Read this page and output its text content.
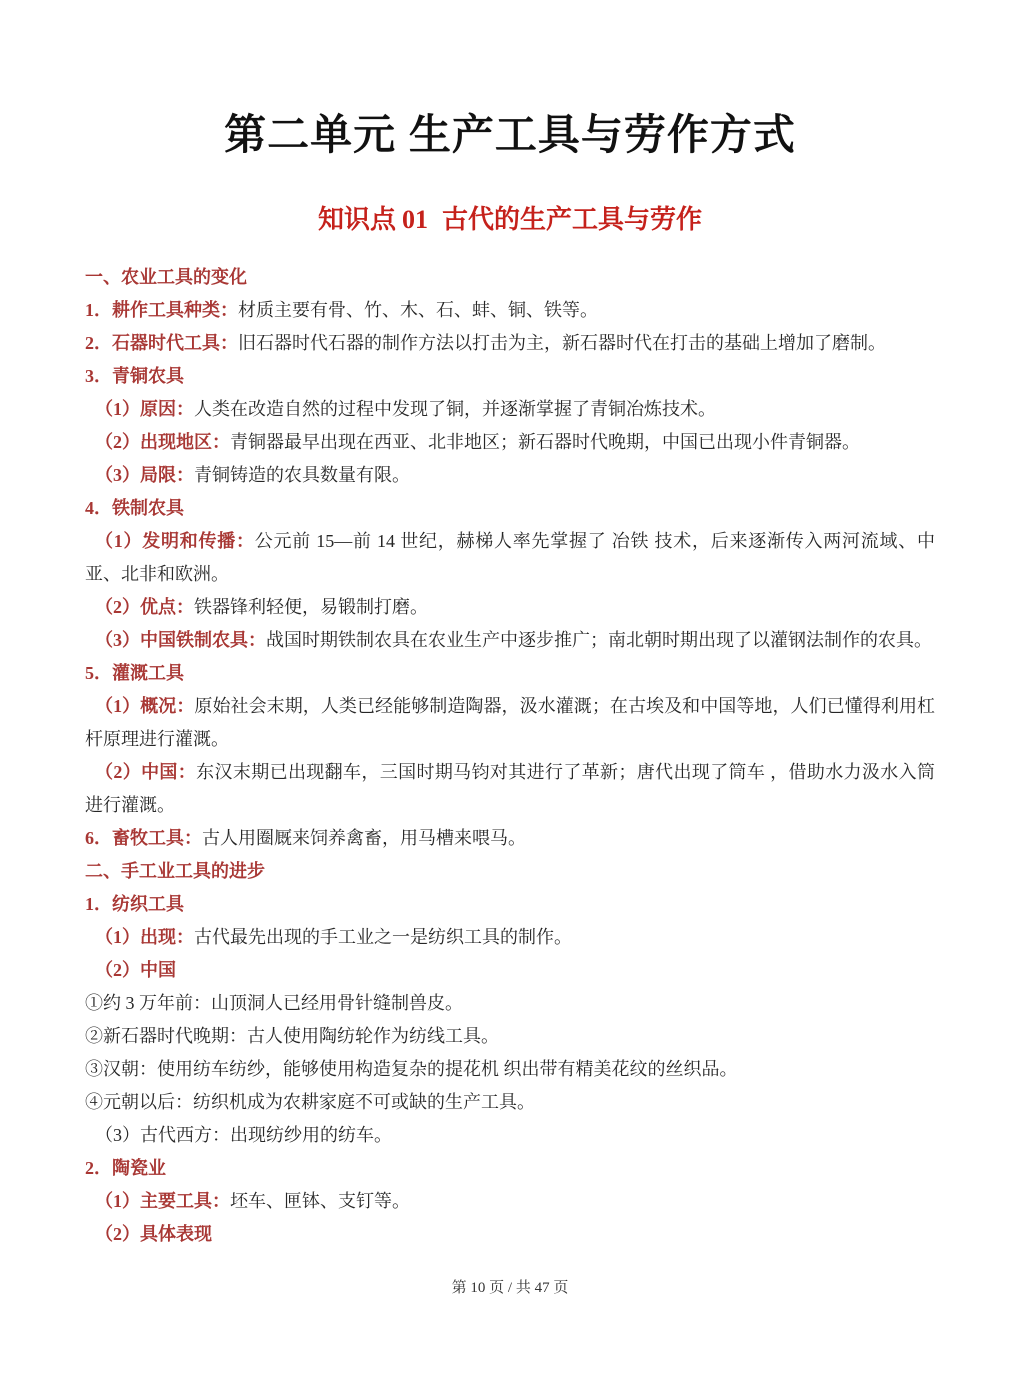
第二单元 生产工具与劳作方式
知识点 01 古代的生产工具与劳作

一、农业工具的变化

1．耕作工具种类：材质主要有骨、竹、木、石、蚌、铜、铁等。

2．石器时代工具：旧石器时代石器的制作方法以打击为主，新石器时代在打击的基础上增加了磨制。

3．青铜农具

（1）原因：人类在改造自然的过程中发现了铜，并逐渐掌握了青铜冶炼技术。

（2）出现地区：青铜器最早出现在西亚、北非地区；新石器时代晚期，中国已出现小件青铜器。

（3）局限：青铜铸造的农具数量有限。

4．铁制农具

（1）发明和传播：公元前 15—前 14 世纪，赫梯人率先掌握了 冶铁 技术，后来逐渐传入两河流域、中亚、北非和欧洲。

（2）优点：铁器锋利轻便，易锻制打磨。

（3）中国铁制农具：战国时期铁制农具在农业生产中逐步推广；南北朝时期出现了以灌钢法制作的农具。

5．灌溉工具

（1）概况：原始社会末期，人类已经能够制造陶器，汲水灌溉；在古埃及和中国等地，人们已懂得利用杠杆原理进行灌溉。

（2）中国：东汉末期已出现翻车，三国时期马钧对其进行了革新；唐代出现了筒车 ，借助水力汲水入筒进行灌溉。

6．畜牧工具：古人用圈厩来饲养禽畜，用马槽来喂马。

二、手工业工具的进步

1．纺织工具

（1）出现：古代最先出现的手工业之一是纺织工具的制作。

（2）中国

①约 3 万年前：山顶洞人已经用骨针缝制兽皮。

②新石器时代晚期：古人使用陶纺轮作为纺线工具。

③汉朝：使用纺车纺纱，能够使用构造复杂的提花机 织出带有精美花纹的丝织品。

④元朝以后：纺织机成为农耕家庭不可或缺的生产工具。

（3）古代西方：出现纺纱用的纺车。

2．陶瓷业

（1）主要工具：坯车、匣钵、支钉等。

（2）具体表现

第 10 页 / 共 47 页
